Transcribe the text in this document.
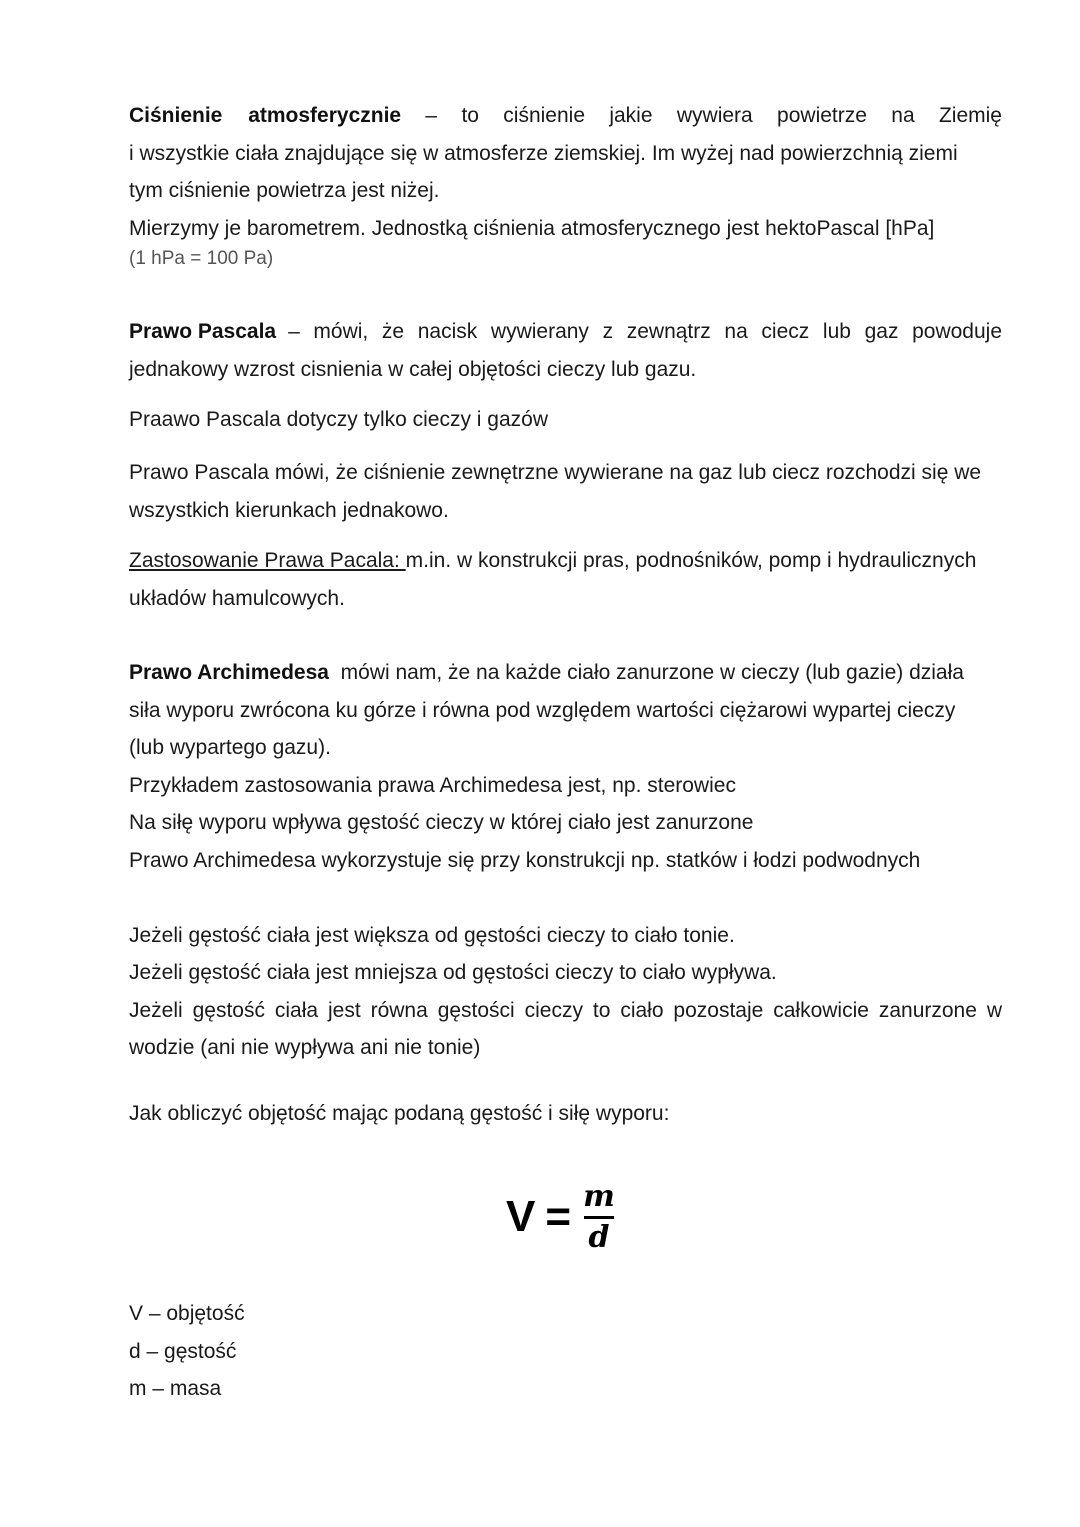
Ciśnienie atmosferycznie – to ciśnienie jakie wywiera powietrze na Ziemię
i wszystkie ciała znajdujące się w atmosferze ziemskiej. Im wyżej nad powierzchnią ziemi
tym ciśnienie powietrza jest niżej.
Mierzymy je barometrem. Jednostką ciśnienia atmosferycznego jest hektoPascal [hPa]
(1 hPa = 100 Pa)
Prawo Pascala – mówi, że nacisk wywierany z zewnątrz na ciecz lub gaz powoduje
jednakowy wzrost cisnienia w całej objętości cieczy lub gazu.
Praawo Pascala dotyczy tylko cieczy i gazów
Prawo Pascala mówi, że ciśnienie zewnętrzne wywierane na gaz lub ciecz rozchodzi się we
wszystkich kierunkach jednakowo.
Zastosowanie Prawa Pacala: m.in. w konstrukcji pras, podnośników, pomp i hydraulicznych
układów hamulcowych.
Prawo Archimedesa mówi nam, że na każde ciało zanurzone w cieczy (lub gazie) działa
siła wyporu zwrócona ku górze i równa pod względem wartości ciężarowi wypartej cieczy
(lub wypartego gazu).
Przykładem zastosowania prawa Archimedesa jest, np. sterowiec
Na siłę wyporu wpływa gęstość cieczy w której ciało jest zanurzone
Prawo Archimedesa wykorzystuje się przy konstrukcji np. statków i łodzi podwodnych
Jeżeli gęstość ciała jest większa od gęstości cieczy to ciało tonie.
Jeżeli gęstość ciała jest mniejsza od gęstości cieczy to ciało wypływa.
Jeżeli gęstość ciała jest równa gęstości cieczy to ciało pozostaje całkowicie zanurzone w
wodzie (ani nie wypływa ani nie tonie)
Jak obliczyć objętość mając podaną gęstość i siłę wyporu:
$V = \frac{m}{d}$
V – objętość
d – gęstość
m – masa
